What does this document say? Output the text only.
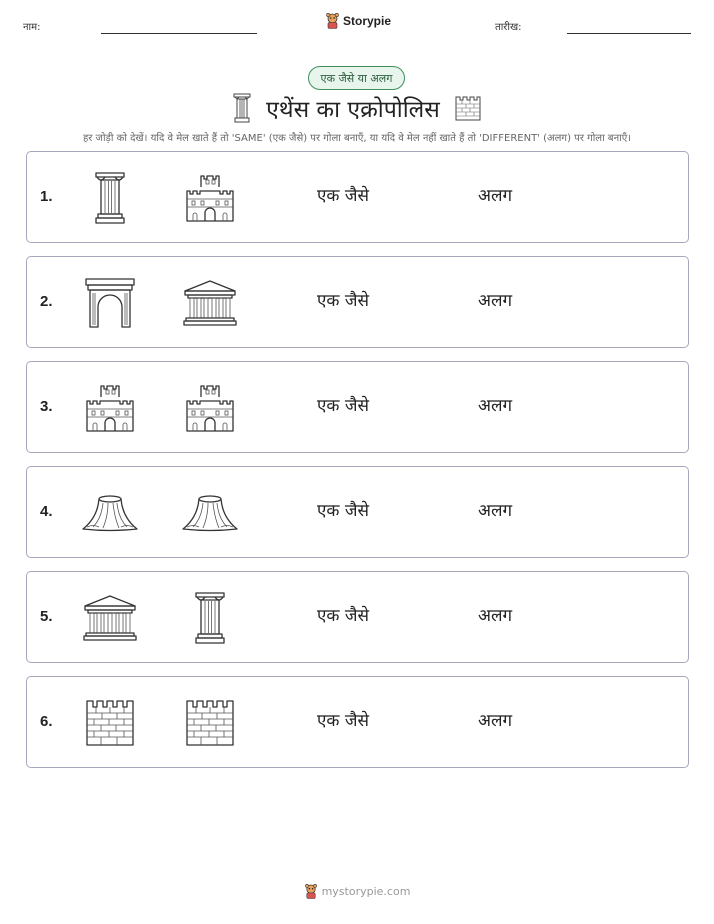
नाम:	Storypie	तारीख:
एक जैसे या अलग
एथेंस का एक्रोपोलिस
हर जोड़ी को देखें। यदि वे मेल खाते हैं तो 'SAME' (एक जैसे) पर गोला बनाएँ, या यदि वे मेल नहीं खाते हैं तो 'DIFFERENT' (अलग) पर गोला बनाएँ।
1.	एक जैसे	अलग
2.	एक जैसे	अलग
3.	एक जैसे	अलग
4.	एक जैसे	अलग
5.	एक जैसे	अलग
6.	एक जैसे	अलग
mystorypie.com
